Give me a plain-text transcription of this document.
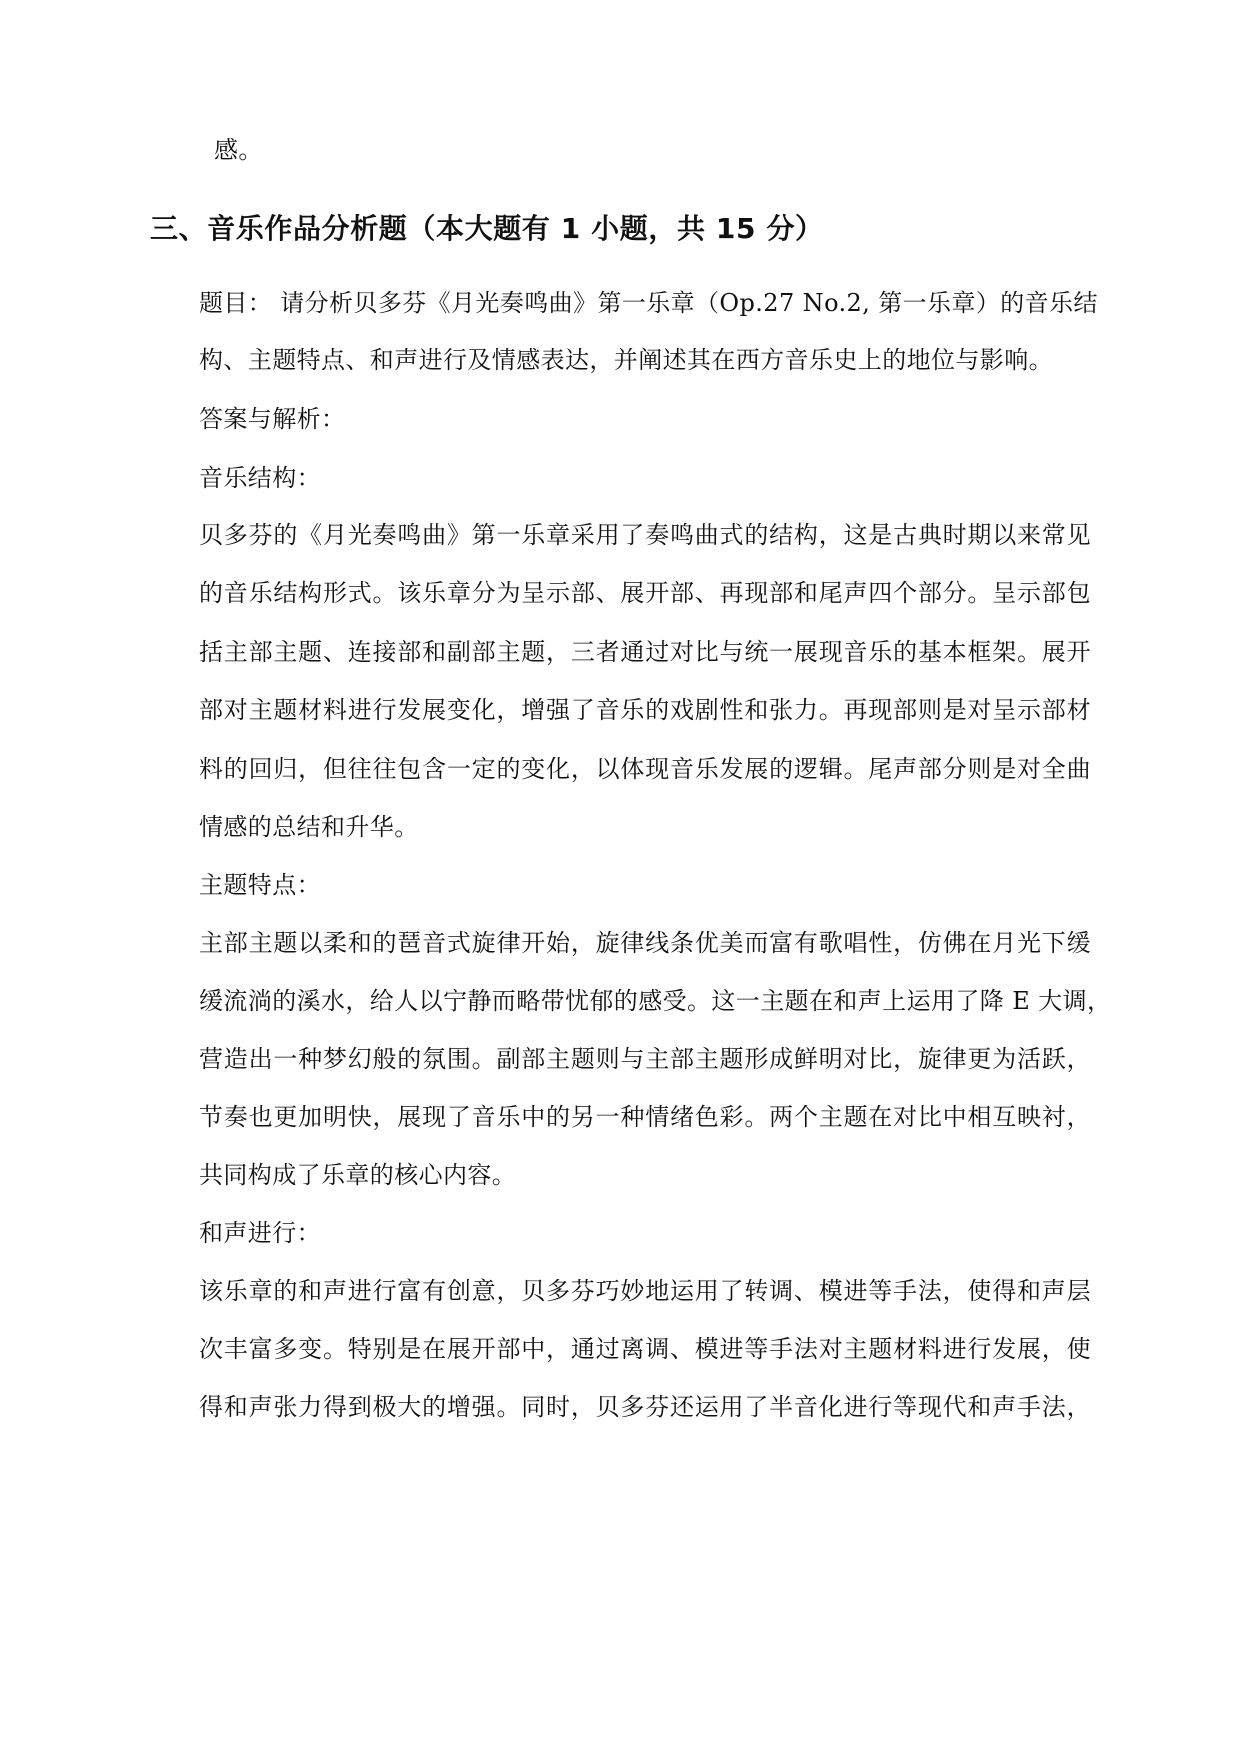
感。
三、音乐作品分析题（本大题有 1 小题，共 15 分）
题目： 请分析贝多芬《月光奏鸣曲》第一乐章（Op.27 No.2, 第一乐章）的音乐结
构、主题特点、和声进行及情感表达，并阐述其在西方音乐史上的地位与影响。
答案与解析：
音乐结构：
贝多芬的《月光奏鸣曲》第一乐章采用了奏鸣曲式的结构，这是古典时期以来常见
的音乐结构形式。该乐章分为呈示部、展开部、再现部和尾声四个部分。呈示部包
括主部主题、连接部和副部主题，三者通过对比与统一展现音乐的基本框架。展开
部对主题材料进行发展变化，增强了音乐的戏剧性和张力。再现部则是对呈示部材
料的回归，但往往包含一定的变化，以体现音乐发展的逻辑。尾声部分则是对全曲
情感的总结和升华。
主题特点：
主部主题以柔和的琶音式旋律开始，旋律线条优美而富有歌唱性，仿佛在月光下缓
缓流淌的溪水，给人以宁静而略带忧郁的感受。这一主题在和声上运用了降 E 大调，
营造出一种梦幻般的氛围。副部主题则与主部主题形成鲜明对比，旋律更为活跃，
节奏也更加明快，展现了音乐中的另一种情绪色彩。两个主题在对比中相互映衬，
共同构成了乐章的核心内容。
和声进行：
该乐章的和声进行富有创意，贝多芬巧妙地运用了转调、模进等手法，使得和声层
次丰富多变。特别是在展开部中，通过离调、模进等手法对主题材料进行发展，使
得和声张力得到极大的增强。同时，贝多芬还运用了半音化进行等现代和声手法，
